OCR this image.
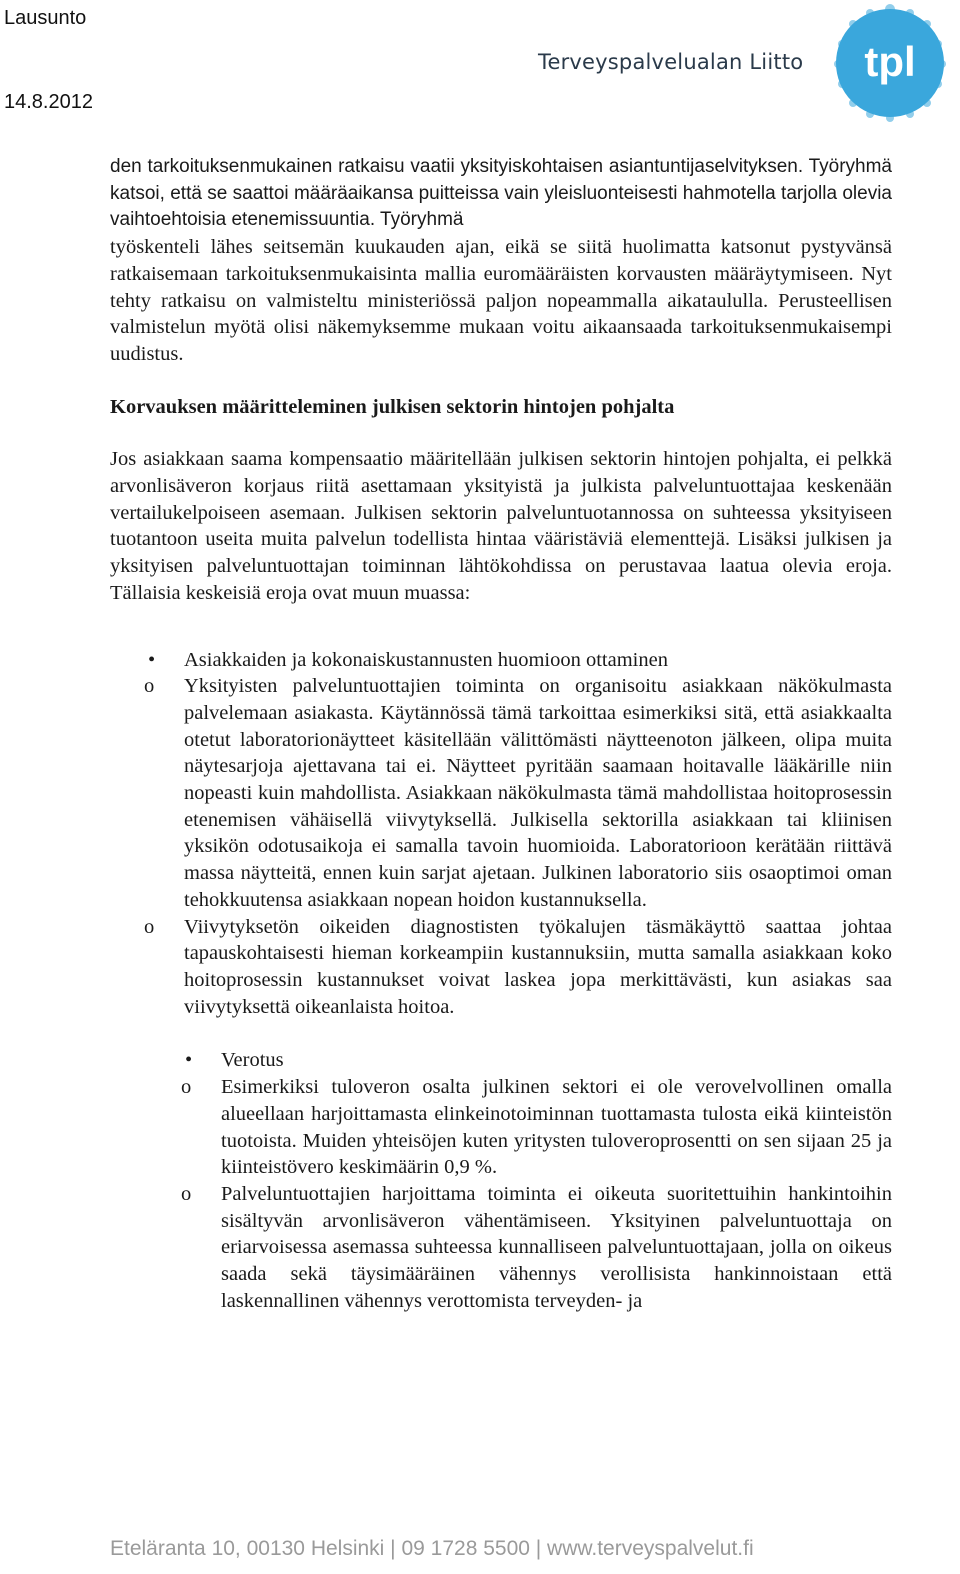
Lausunto
14.8.2012
Terveyspalvelualan Liitto tpl

den tarkoituksenmukainen ratkaisu vaatii yksityiskohtaisen asiantuntijaselvityksen. Työryhmä katsoi, että se saattoi määräaikansa puitteissa vain yleisluonteisesti hahmotella tarjolla olevia vaihtoehtoisia etenemissuuntia. Työryhmä

työskenteli lähes seitsemän kuukauden ajan, eikä se siitä huolimatta katsonut pystyvänsä ratkaisemaan tarkoituksenmukaisinta mallia euromääräisten korvausten määräytymiseen. Nyt tehty ratkaisu on valmisteltu ministeriössä paljon nopeammalla aikataululla. Perusteellisen valmistelun myötä olisi näkemyksemme mukaan voitu aikaansaada tarkoituksenmukaisempi uudistus.

Korvauksen määritteleminen julkisen sektorin hintojen pohjalta

Jos asiakkaan saama kompensaatio määritellään julkisen sektorin hintojen pohjalta, ei pelkkä arvonlisäveron korjaus riitä asettamaan yksityistä ja julkista palveluntuottajaa keskenään vertailukelpoiseen asemaan. Julkisen sektorin palveluntuotannossa on suhteessa yksityiseen tuotantoon useita muita palvelun todellista hintaa vääristäviä elementtejä. Lisäksi julkisen ja yksityisen palveluntuottajan toiminnan lähtökohdissa on perustavaa laatua olevia eroja. Tällaisia keskeisiä eroja ovat muun muassa:

• Asiakkaiden ja kokonaiskustannusten huomioon ottaminen
o Yksityisten palveluntuottajien toiminta on organisoitu asiakkaan näkökulmasta palvelemaan asiakasta. Käytännössä tämä tarkoittaa esimerkiksi sitä, että asiakkaalta otetut laboratorionäytteet käsitellään välittömästi näytteenoton jälkeen, olipa muita näytesarjoja ajettavana tai ei. Näytteet pyritään saamaan hoitavalle lääkärille niin nopeasti kuin mahdollista. Asiakkaan näkökulmasta tämä mahdollistaa hoitoprosessin etenemisen vähäisellä viivytyksellä. Julkisella sektorilla asiakkaan tai kliinisen yksikön odotusaikoja ei samalla tavoin huomioida. Laboratorioon kerätään riittävä massa näytteitä, ennen kuin sarjat ajetaan. Julkinen laboratorio siis osaoptimoi oman tehokkuutensa asiakkaan nopean hoidon kustannuksella.
o Viivytyksetön oikeiden diagnostisten työkalujen täsmäkäyttö saattaa johtaa tapauskohtaisesti hieman korkeampiin kustannuksiin, mutta samalla asiakkaan koko hoitoprosessin kustannukset voivat laskea jopa merkittävästi, kun asiakas saa viivytyksettä oikeanlaista hoitoa.
• Verotus
o Esimerkiksi tuloveron osalta julkinen sektori ei ole verovelvollinen omalla alueellaan harjoittamasta elinkeinotoiminnan tuottamasta tulosta eikä kiinteistön tuotoista. Muiden yhteisöjen kuten yritysten tuloveroprosentti on sen sijaan 25 ja kiinteistövero keskimäärin 0,9 %.
o Palveluntuottajien harjoittama toiminta ei oikeuta suoritettuihin hankintoihin sisältyvän arvonlisäveron vähentämiseen. Yksityinen palveluntuottaja on eriarvoisessa asemassa suhteessa kunnalliseen palveluntuottajaan, jolla on oikeus saada sekä täysimääräinen vähennys verollisista hankinnoistaan että laskennallinen vähennys verottomista terveyden- ja
Eteläranta 10, 00130 Helsinki | 09 1728 5500 | www.terveyspalvelut.fi
